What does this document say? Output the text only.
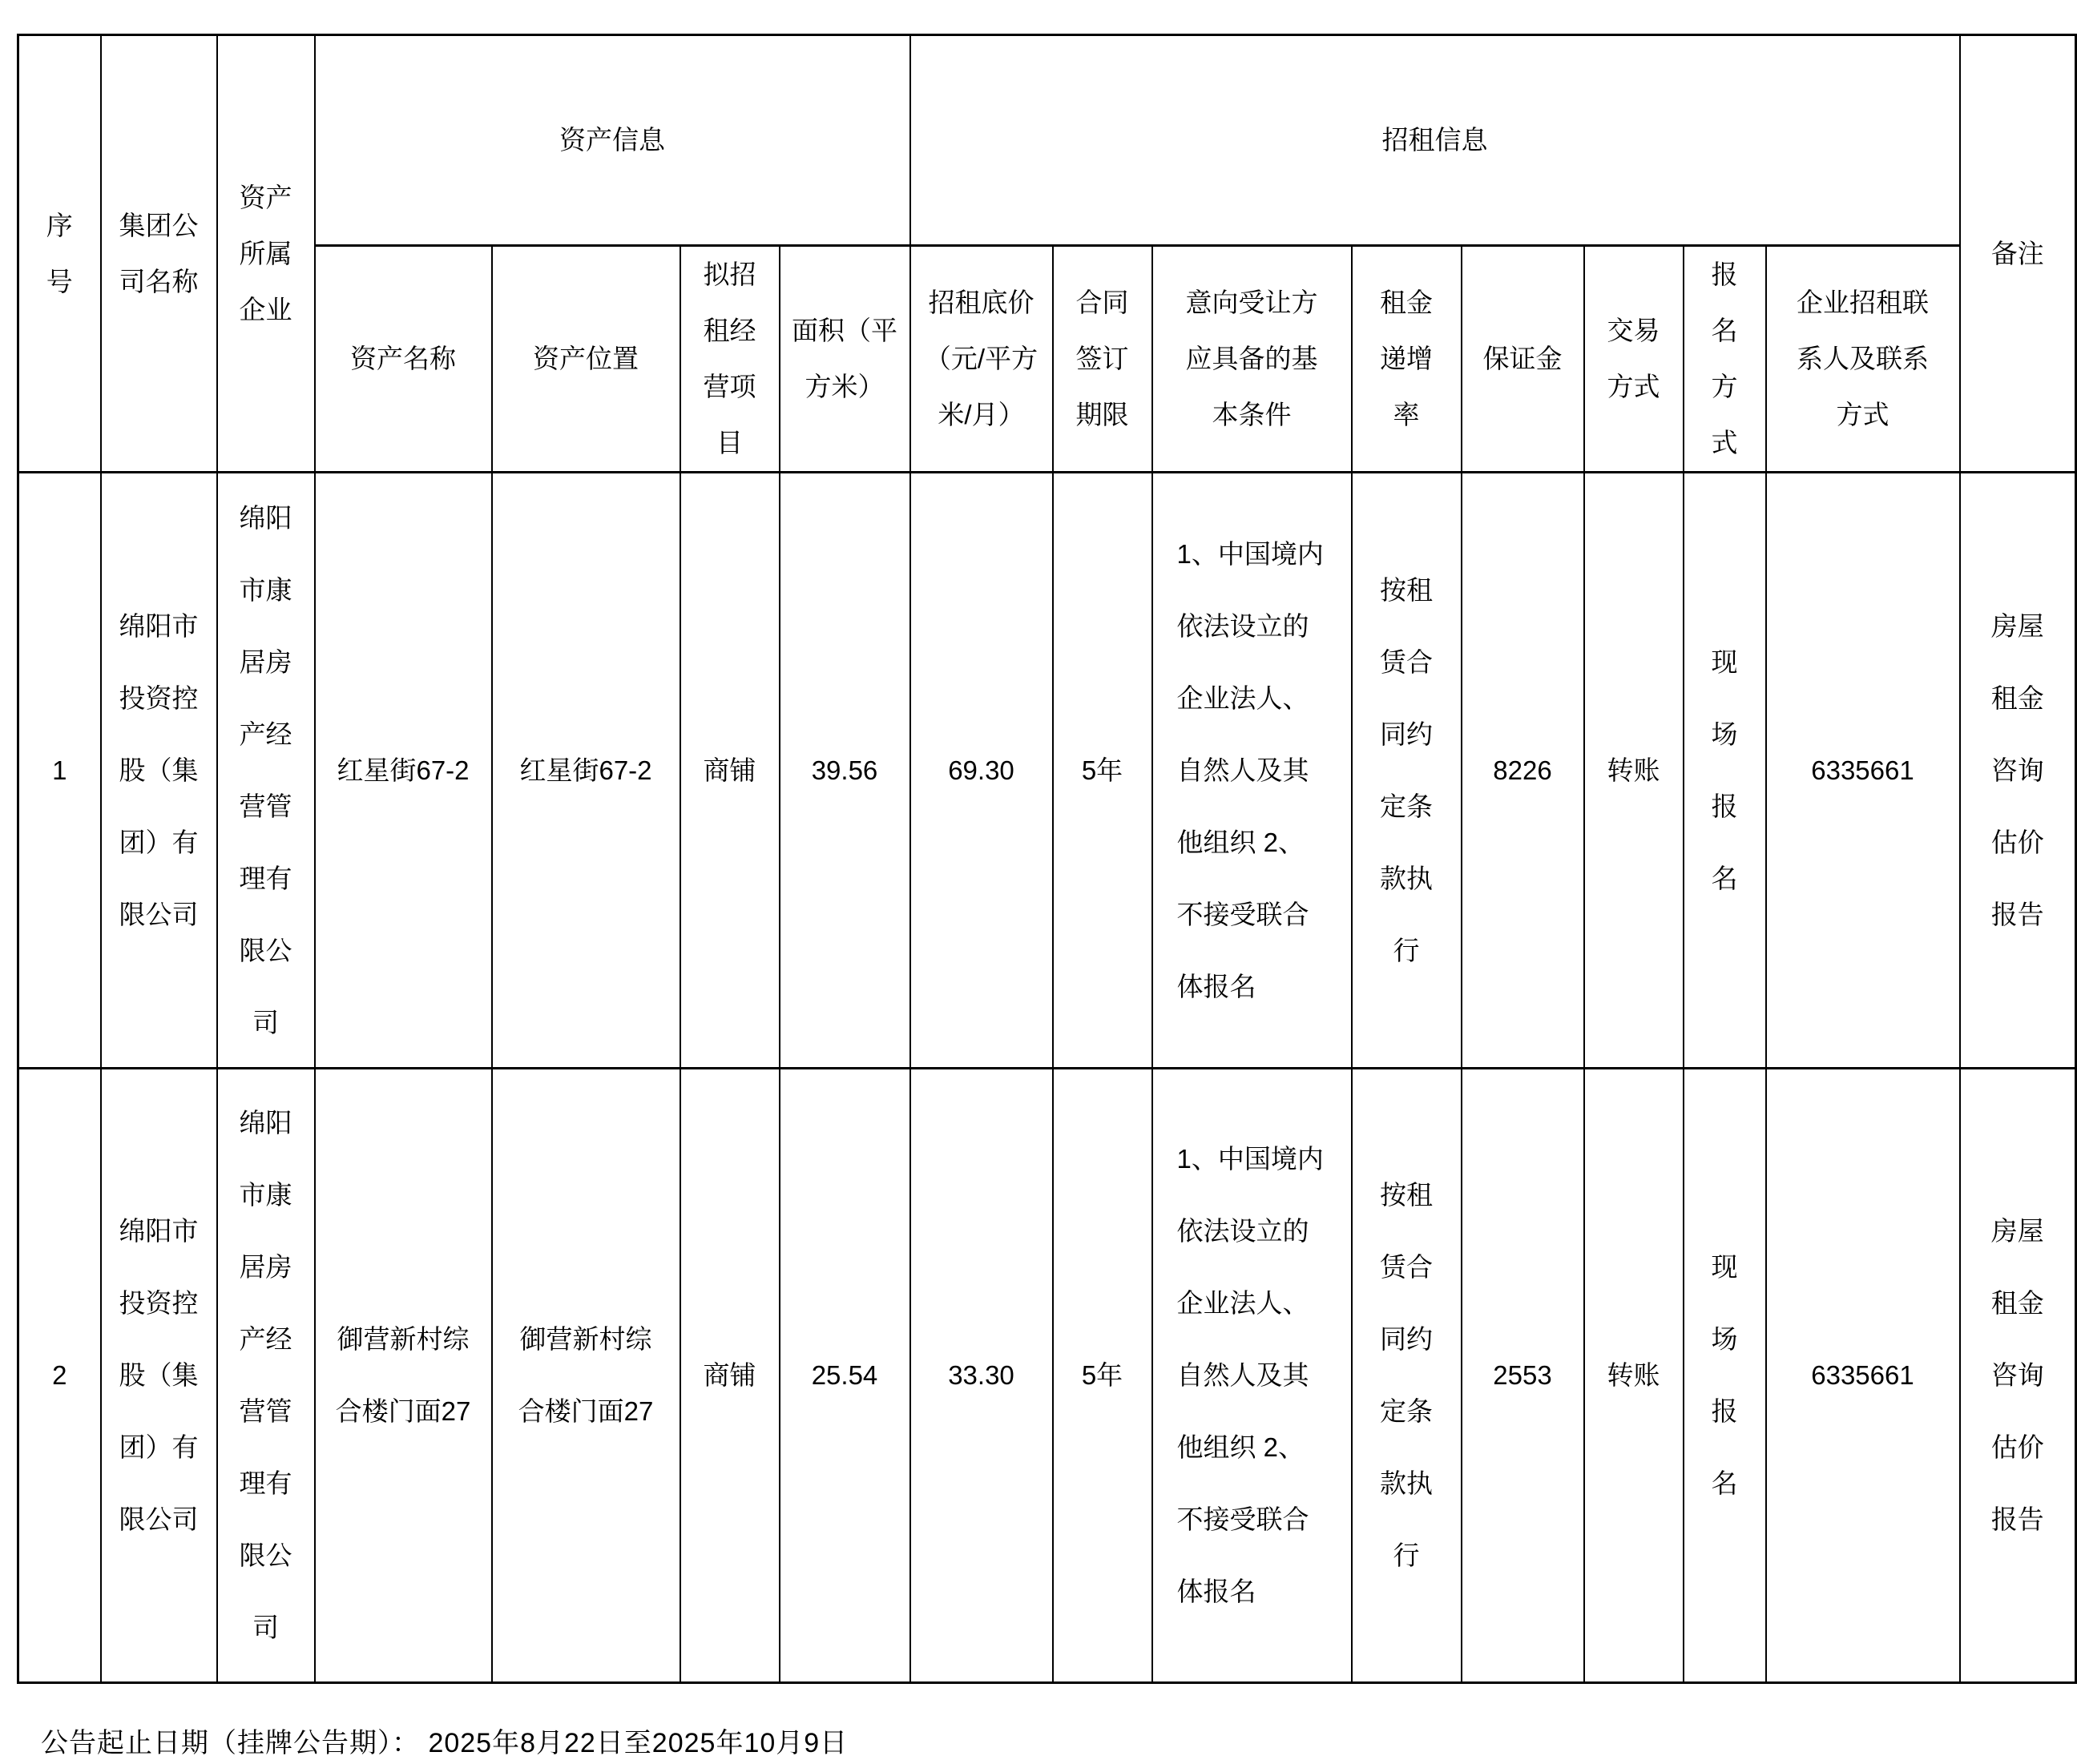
序号	集团公司名称	资产所属企业	资产信息				招租信息								备注
			资产名称	资产位置	拟招租经营项目	面积（平方米）	招租底价（元/平方米/月）	合同签订期限	意向受让方应具备的基本条件	租金递增率	保证金	交易方式	报名方式	企业招租联系人及联系方式	
1	绵阳市投资控股（集团）有限公司	绵阳市康居房产经营管理有限公司	红星街67-2	红星街67-2	商铺	39.56	69.30	5年	1、中国境内依法设立的企业法人、自然人及其他组织 2、不接受联合体报名	按租赁合同约定条款执行	8226	转账	现场报名	6335661	房屋租金咨询估价报告
2	绵阳市投资控股（集团）有限公司	绵阳市康居房产经营管理有限公司	御营新村综合楼门面27	御营新村综合楼门面27	商铺	25.54	33.30	5年	1、中国境内依法设立的企业法人、自然人及其他组织 2、不接受联合体报名	按租赁合同约定条款执行	2553	转账	现场报名	6335661	房屋租金咨询估价报告
公告起止日期（挂牌公告期）： 2025年8月22日至2025年10月9日
